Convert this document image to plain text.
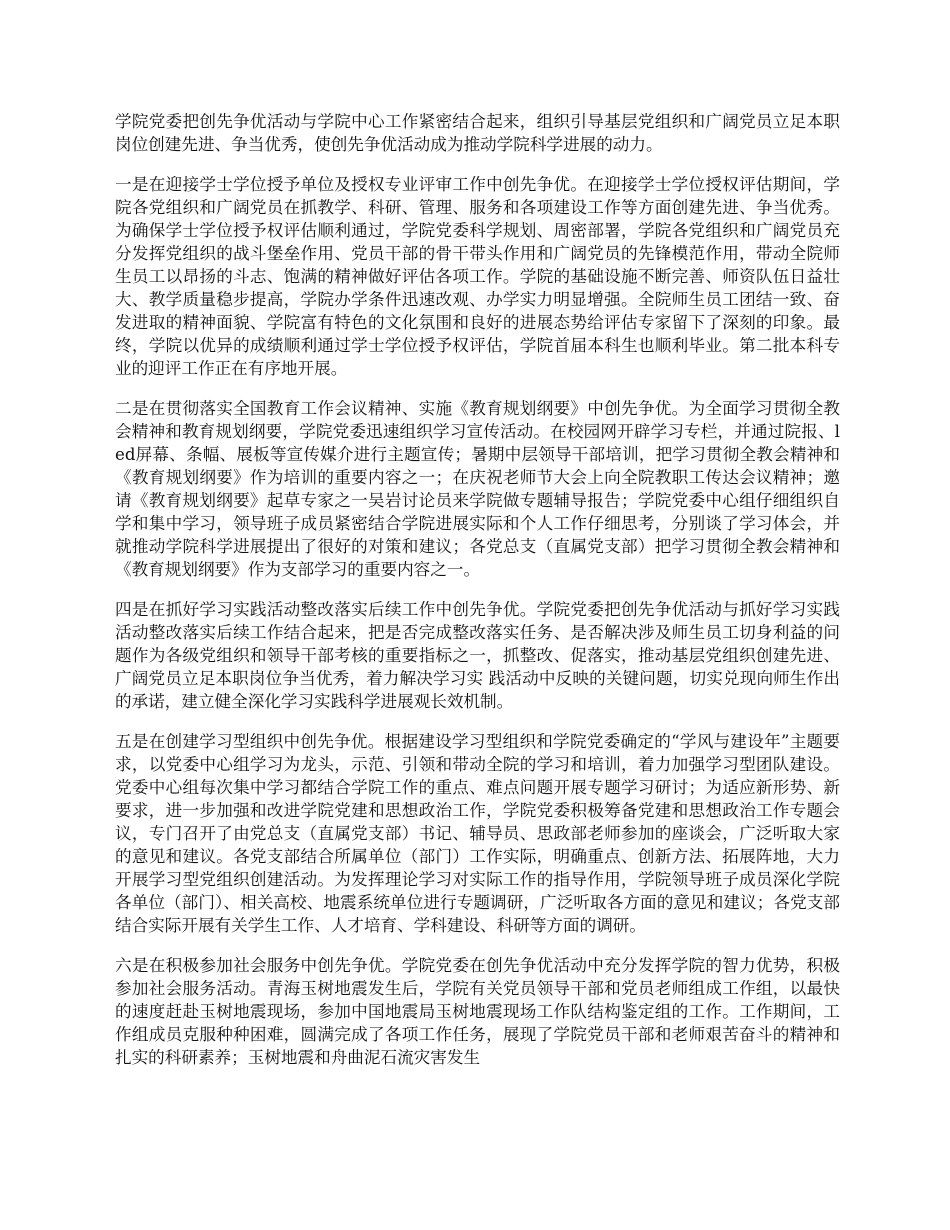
学院党委把创先争优活动与学院中心工作紧密结合起来，组织引导基层党组织和广阔党员立足本职岗位创建先进、争当优秀，使创先争优活动成为推动学院科学进展的动力。

一是在迎接学士学位授予单位及授权专业评审工作中创先争优。在迎接学士学位授权评估期间，学院各党组织和广阔党员在抓教学、科研、管理、服务和各项建设工作等方面创建先进、争当优秀。为确保学士学位授予权评估顺利通过，学院党委科学规划、周密部署，学院各党组织和广阔党员充分发挥党组织的战斗堡垒作用、党员干部的骨干带头作用和广阔党员的先锋模范作用，带动全院师生员工以昂扬的斗志、饱满的精神做好评估各项工作。学院的基础设施不断完善、师资队伍日益壮大、教学质量稳步提高，学院办学条件迅速改观、办学实力明显增强。全院师生员工团结一致、奋发进取的精神面貌、学院富有特色的文化氛围和良好的进展态势给评估专家留下了深刻的印象。最终，学院以优异的成绩顺利通过学士学位授予权评估，学院首届本科生也顺利毕业。第二批本科专业的迎评工作正在有序地开展。

二是在贯彻落实全国教育工作会议精神、实施《教育规划纲要》中创先争优。为全面学习贯彻全教会精神和教育规划纲要，学院党委迅速组织学习宣传活动。在校园网开辟学习专栏，并通过院报、led屏幕、条幅、展板等宣传媒介进行主题宣传；暑期中层领导干部培训，把学习贯彻全教会精神和《教育规划纲要》作为培训的重要内容之一；在庆祝老师节大会上向全院教职工传达会议精神；邀请《教育规划纲要》起草专家之一吴岩讨论员来学院做专题辅导报告；学院党委中心组仔细组织自学和集中学习，领导班子成员紧密结合学院进展实际和个人工作仔细思考，分别谈了学习体会，并就推动学院科学进展提出了很好的对策和建议；各党总支（直属党支部）把学习贯彻全教会精神和《教育规划纲要》作为支部学习的重要内容之一。

四是在抓好学习实践活动整改落实后续工作中创先争优。学院党委把创先争优活动与抓好学习实践活动整改落实后续工作结合起来，把是否完成整改落实任务、是否解决涉及师生员工切身利益的问题作为各级党组织和领导干部考核的重要指标之一，抓整改、促落实，推动基层党组织创建先进、广阔党员立足本职岗位争当优秀，着力解决学习实 践活动中反映的关键问题，切实兑现向师生作出的承诺，建立健全深化学习实践科学进展观长效机制。

五是在创建学习型组织中创先争优。根据建设学习型组织和学院党委确定的“学风与建设年”主题要求，以党委中心组学习为龙头，示范、引领和带动全院的学习和培训，着力加强学习型团队建设。党委中心组每次集中学习都结合学院工作的重点、难点问题开展专题学习研讨；为适应新形势、新要求，进一步加强和改进学院党建和思想政治工作，学院党委积极筹备党建和思想政治工作专题会议，专门召开了由党总支（直属党支部）书记、辅导员、思政部老师参加的座谈会，广泛听取大家的意见和建议。各党支部结合所属单位（部门）工作实际，明确重点、创新方法、拓展阵地，大力开展学习型党组织创建活动。为发挥理论学习对实际工作的指导作用，学院领导班子成员深化学院各单位（部门）、相关高校、地震系统单位进行专题调研，广泛听取各方面的意见和建议；各党支部结合实际开展有关学生工作、人才培育、学科建设、科研等方面的调研。

六是在积极参加社会服务中创先争优。学院党委在创先争优活动中充分发挥学院的智力优势，积极参加社会服务活动。青海玉树地震发生后，学院有关党员领导干部和党员老师组成工作组，以最快的速度赶赴玉树地震现场，参加中国地震局玉树地震现场工作队结构鉴定组的工作。工作期间，工作组成员克服种种困难，圆满完成了各项工作任务，展现了学院党员干部和老师艰苦奋斗的精神和扎实的科研素养；玉树地震和舟曲泥石流灾害发生
